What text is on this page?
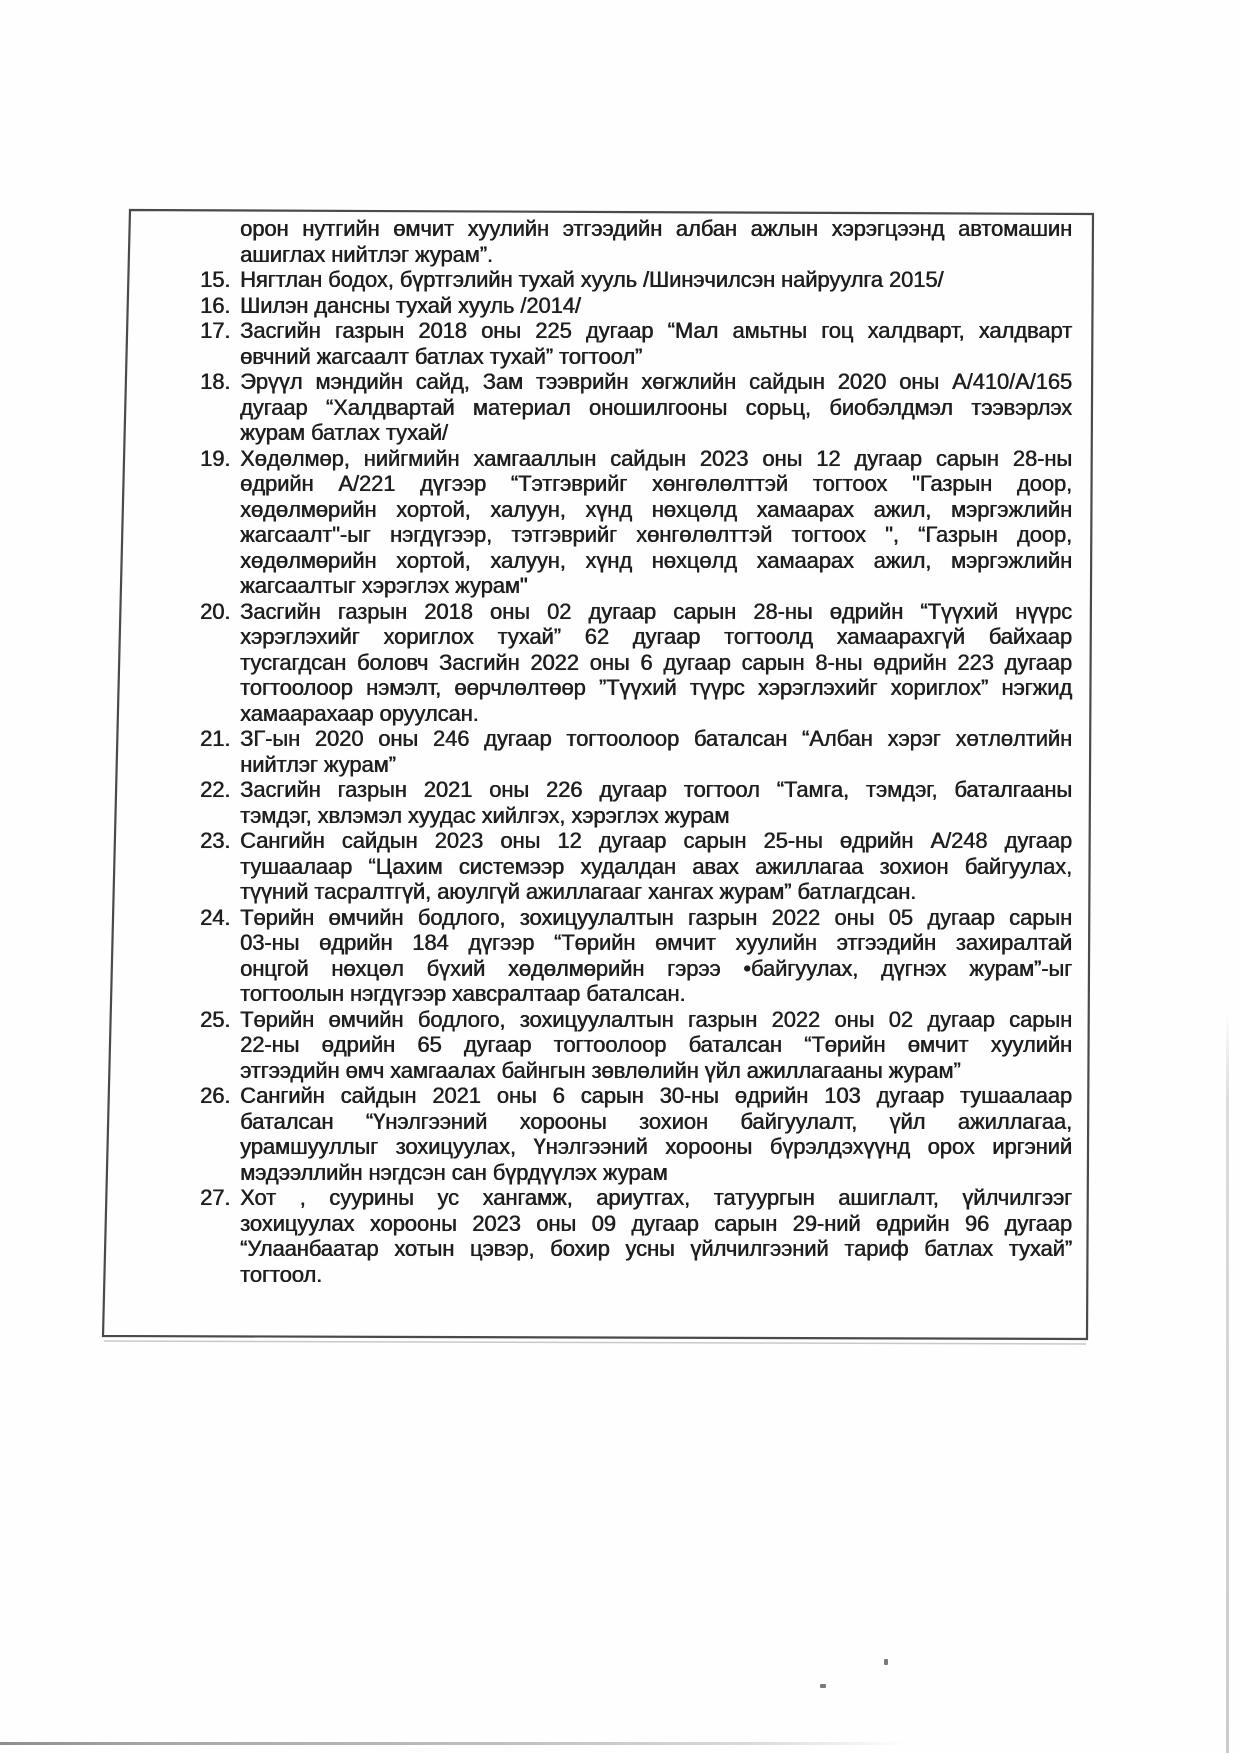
орон нутгийн өмчит хуулийн этгээдийн албан ажлын хэрэгцээнд автомашин
ашиглах нийтлэг журам”.
15. Нягтлан бодох, бүртгэлийн тухай хууль /Шинэчилсэн найруулга 2015/
16. Шилэн дансны тухай хууль /2014/
17. Засгийн газрын 2018 оны 225 дугаар “Мал амьтны гоц халдварт, халдварт
өвчний жагсаалт батлах тухай” тогтоол”
18. Эрүүл мэндийн сайд, Зам тээврийн хөгжлийн сайдын 2020 оны А/410/А/165
дугаар “Халдвартай материал оношилгооны сорьц, биобэлдмэл тээвэрлэх
журам батлах тухай/
19. Хөдөлмөр, нийгмийн хамгааллын сайдын 2023 оны 12 дугаар сарын 28-ны
өдрийн А/221 дүгээр “Тэтгэврийг хөнгөлөлттэй тогтоох "Газрын доор,
хөдөлмөрийн хортой, халуун, хүнд нөхцөлд хамаарах ажил, мэргэжлийн
жагсаалт"-ыг нэгдүгээр, тэтгэврийг хөнгөлөлттэй тогтоох ", “Газрын доор,
хөдөлмөрийн хортой, халуун, хүнд нөхцөлд хамаарах ажил, мэргэжлийн
жагсаалтыг хэрэглэх журам"
20. Засгийн газрын 2018 оны 02 дугаар сарын 28-ны өдрийн “Түүхий нүүрс
хэрэглэхийг хориглох тухай” 62 дугаар тогтоолд хамаарахгүй байхаар
тусгагдсан боловч Засгийн 2022 оны 6 дугаар сарын 8-ны өдрийн 223 дугаар
тогтоолоор нэмэлт, өөрчлөлтөөр ”Түүхий түүрс хэрэглэхийг хориглох” нэгжид
хамаарахаар оруулсан.
21. ЗГ-ын 2020 оны 246 дугаар тогтоолоор баталсан “Албан хэрэг хөтлөлтийн
нийтлэг журам”
22. Засгийн газрын 2021 оны 226 дугаар тогтоол “Тамга, тэмдэг, баталгааны
тэмдэг, хвлэмэл хуудас хийлгэх, хэрэглэх журам
23. Сангийн сайдын 2023 оны 12 дугаар сарын 25-ны өдрийн А/248 дугаар
тушаалаар “Цахим системээр худалдан авах ажиллагаа зохион байгуулах,
түүний тасралтгүй, аюулгүй ажиллагааг хангах журам” батлагдсан.
24. Төрийн өмчийн бодлого, зохицуулалтын газрын 2022 оны 05 дугаар сарын
03-ны өдрийн 184 дүгээр “Төрийн өмчит хуулийн этгээдийн захиралтай
онцгой нөхцөл бүхий хөдөлмөрийн гэрээ •байгуулах, дүгнэх журам”-ыг
тогтоолын нэгдүгээр хавсралтаар баталсан.
25. Төрийн өмчийн бодлого, зохицуулалтын газрын 2022 оны 02 дугаар сарын
22-ны өдрийн 65 дугаар тогтоолоор баталсан “Төрийн өмчит хуулийн
этгээдийн өмч хамгаалах байнгын зөвлөлийн үйл ажиллагааны журам”
26. Сангийн сайдын 2021 оны 6 сарын 30-ны өдрийн 103 дугаар тушаалаар
баталсан “Үнэлгээний хорооны зохион байгуулалт, үйл ажиллагаа,
урамшууллыг зохицуулах, Үнэлгээний хорооны бүрэлдэхүүнд орох иргэний
мэдээллийн нэгдсэн сан бүрдүүлэх журам
27. Хот , суурины ус хангамж, ариутгах, татуургын ашиглалт, үйлчилгээг
зохицуулах хорооны 2023 оны 09 дугаар сарын 29-ний өдрийн 96 дугаар
“Улаанбаатар хотын цэвэр, бохир усны үйлчилгээний тариф батлах тухай”
тогтоол.
